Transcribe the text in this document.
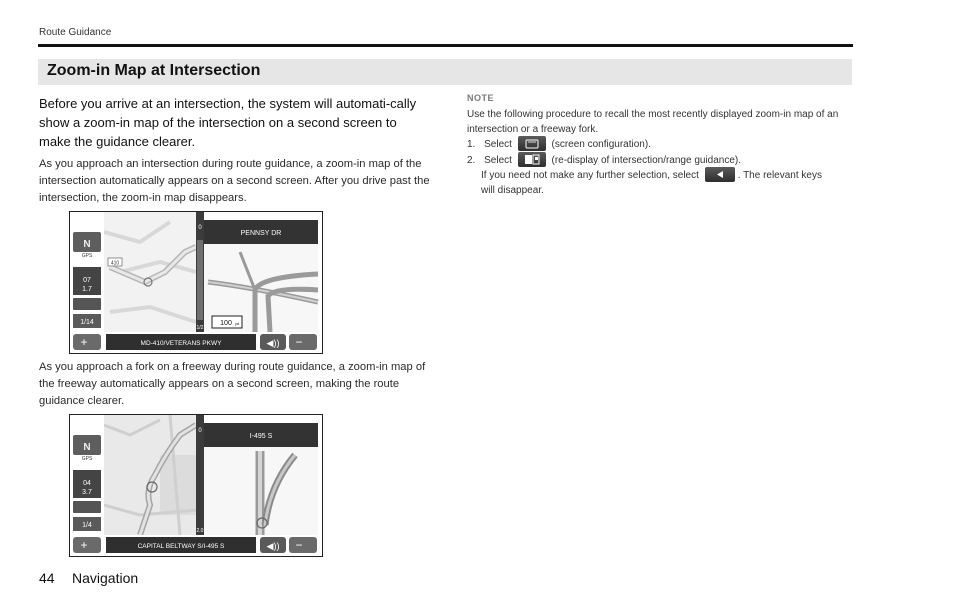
Route Guidance
Zoom-in Map at Intersection
Before you arrive at an intersection, the system will automati-cally show a zoom-in map of the intersection on a second screen to make the guidance clearer.
As you approach an intersection during route guidance, a zoom-in map of the intersection automatically appears on a second screen. After you drive past the intersection, the zoom-in map disappears.
410
N
GPS
07
1.7
1/14
0
1/2
PENNSY DR
100 yd
+	MD-410/VETERANS PKWY	◀)) −
As you approach a fork on a freeway during route guidance, a zoom-in map of the freeway automatically appears on a second screen, making the route guidance clearer.
N
GPS
04
3.7
1/4
0
2.0
I-495 S
+	CAPITAL BELTWAY S/I-495 S	◀)) −
NOTE
Use the following procedure to recall the most recently displayed zoom-in map of an intersection or a freeway fork.
1. Select	(screen configuration).
2. Select	(re-display of intersection/range guidance).
If you need not make any further selection, select	. The relevant keys
will disappear.
44 Navigation
